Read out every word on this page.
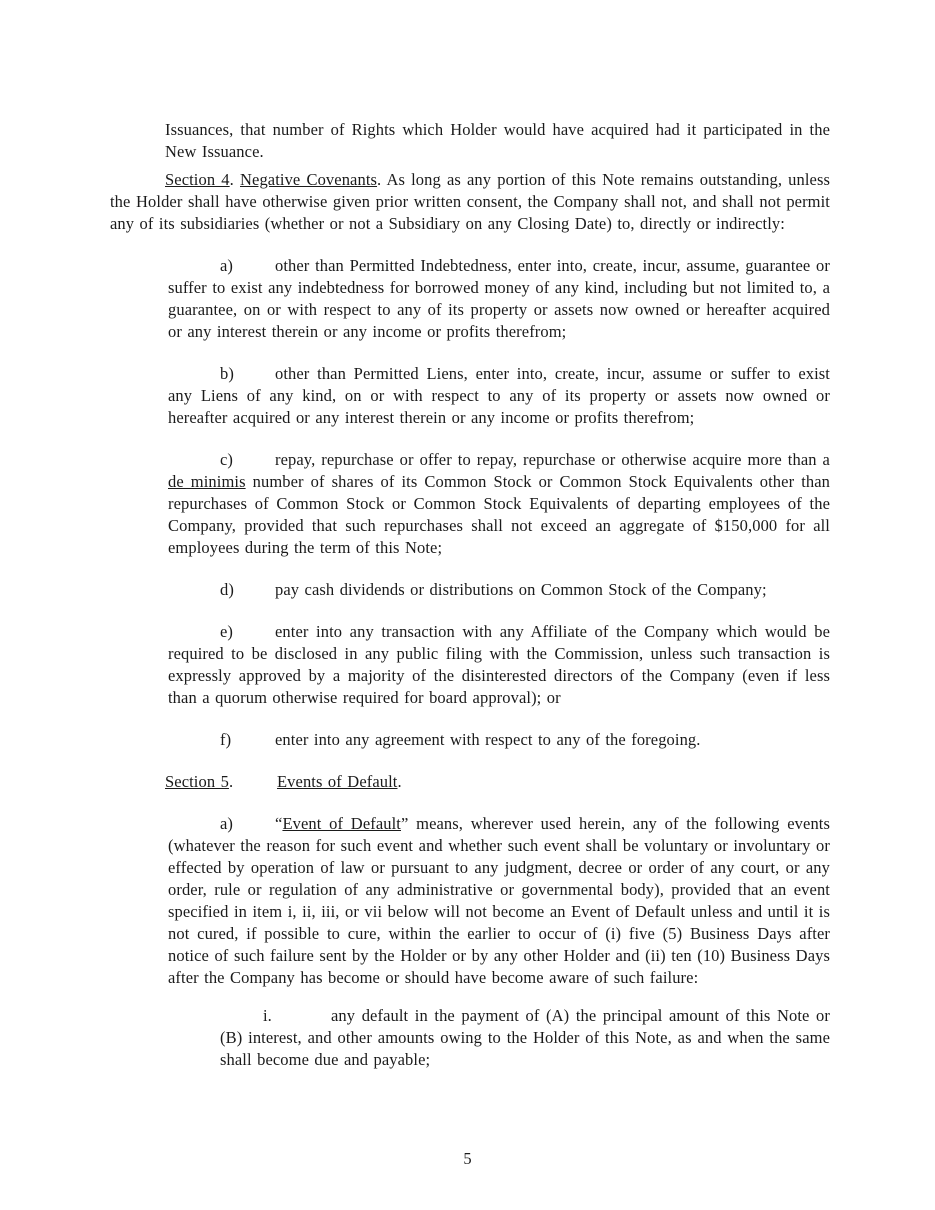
Issuances, that number of Rights which Holder would have acquired had it participated in the New Issuance.

Section 4. Negative Covenants. As long as any portion of this Note remains outstanding, unless the Holder shall have otherwise given prior written consent, the Company shall not, and shall not permit any of its subsidiaries (whether or not a Subsidiary on any Closing Date) to, directly or indirectly:

a)	other than Permitted Indebtedness, enter into, create, incur, assume, guarantee or suffer to exist any indebtedness for borrowed money of any kind, including but not limited to, a guarantee, on or with respect to any of its property or assets now owned or hereafter acquired or any interest therein or any income or profits therefrom;

b) other than Permitted Liens, enter into, create, incur, assume or suffer to exist any Liens of any kind, on or with respect to any of its property or assets now owned or hereafter acquired or any interest therein or any income or profits therefrom;

c)	repay, repurchase or offer to repay, repurchase or otherwise acquire more than a de minimis number of shares of its Common Stock or Common Stock Equivalents other than repurchases of Common Stock or Common Stock Equivalents of departing employees of the Company, provided that such repurchases shall not exceed an aggregate of $150,000 for all employees during the term of this Note;

d) pay cash dividends or distributions on Common Stock of the Company;

e)	enter into any transaction with any Affiliate of the Company which would be required to be disclosed in any public filing with the Commission, unless such transaction is expressly approved by a majority of the disinterested directors of the Company (even if less than a quorum otherwise required for board approval); or

f)	enter into any agreement with respect to any of the foregoing.

Section 5.	Events of Default.

a)	“Event of Default” means, wherever used herein, any of the following events (whatever the reason for such event and whether such event shall be voluntary or involuntary or effected by operation of law or pursuant to any judgment, decree or order of any court, or any order, rule or regulation of any administrative or governmental body), provided that an event specified in item i, ii, iii, or vii below will not become an Event of Default unless and until it is not cured, if possible to cure, within the earlier to occur of (i) five (5) Business Days after notice of such failure sent by the Holder or by any other Holder and (ii) ten (10) Business Days after the Company has become or should have become aware of such failure:

i.	any default in the payment of (A) the principal amount of this Note or (B) interest, and other amounts owing to the Holder of this Note, as and when the same shall become due and payable;

5
